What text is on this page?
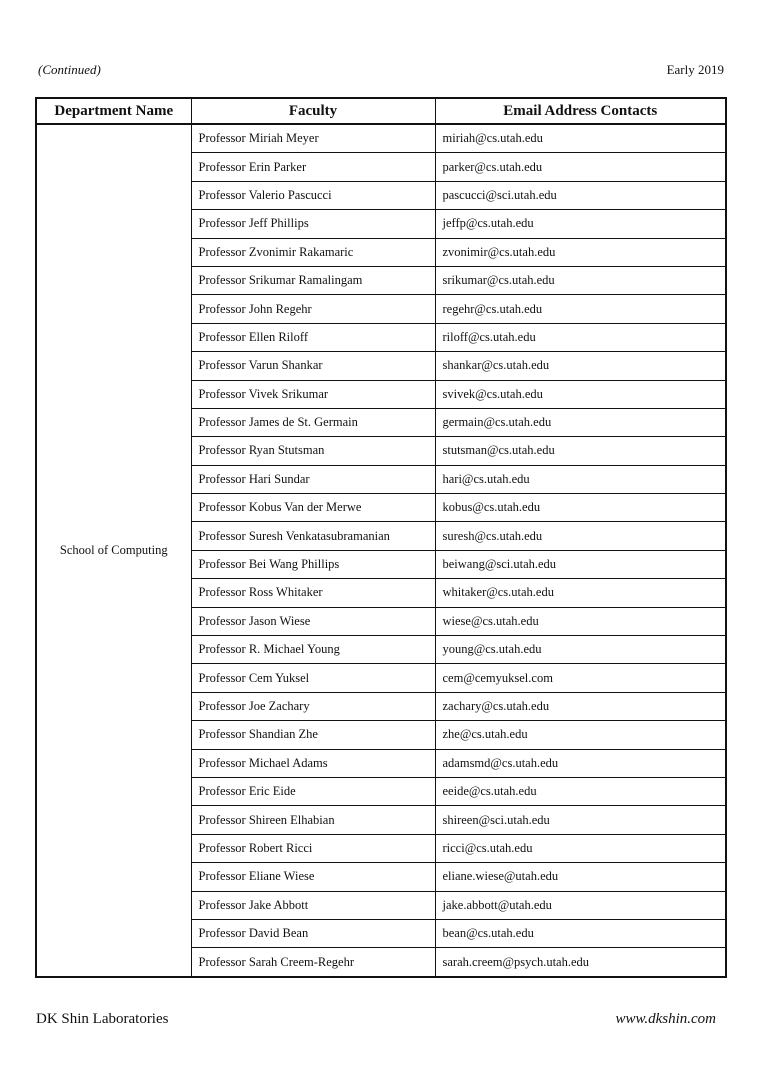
(Continued)	Early 2019
Department Name	Faculty	Email Address Contacts
School of Computing	Professor Miriah Meyer	miriah@cs.utah.edu
	Professor Erin Parker	parker@cs.utah.edu
	Professor Valerio Pascucci	pascucci@sci.utah.edu
	Professor Jeff Phillips	jeffp@cs.utah.edu
	Professor Zvonimir Rakamaric	zvonimir@cs.utah.edu
	Professor Srikumar Ramalingam	srikumar@cs.utah.edu
	Professor John Regehr	regehr@cs.utah.edu
	Professor Ellen Riloff	riloff@cs.utah.edu
	Professor Varun Shankar	shankar@cs.utah.edu
	Professor Vivek Srikumar	svivek@cs.utah.edu
	Professor James de St. Germain	germain@cs.utah.edu
	Professor Ryan Stutsman	stutsman@cs.utah.edu
	Professor Hari Sundar	hari@cs.utah.edu
	Professor Kobus Van der Merwe	kobus@cs.utah.edu
	Professor Suresh Venkatasubramanian	suresh@cs.utah.edu
	Professor Bei Wang Phillips	beiwang@sci.utah.edu
	Professor Ross Whitaker	whitaker@cs.utah.edu
	Professor Jason Wiese	wiese@cs.utah.edu
	Professor R. Michael Young	young@cs.utah.edu
	Professor Cem Yuksel	cem@cemyuksel.com
	Professor Joe Zachary	zachary@cs.utah.edu
	Professor Shandian Zhe	zhe@cs.utah.edu
	Professor Michael Adams	adamsmd@cs.utah.edu
	Professor Eric Eide	eeide@cs.utah.edu
	Professor Shireen Elhabian	shireen@sci.utah.edu
	Professor Robert Ricci	ricci@cs.utah.edu
	Professor Eliane Wiese	eliane.wiese@utah.edu
	Professor Jake Abbott	jake.abbott@utah.edu
	Professor David Bean	bean@cs.utah.edu
	Professor Sarah Creem-Regehr	sarah.creem@psych.utah.edu
DK Shin Laboratories	www.dkshin.com
